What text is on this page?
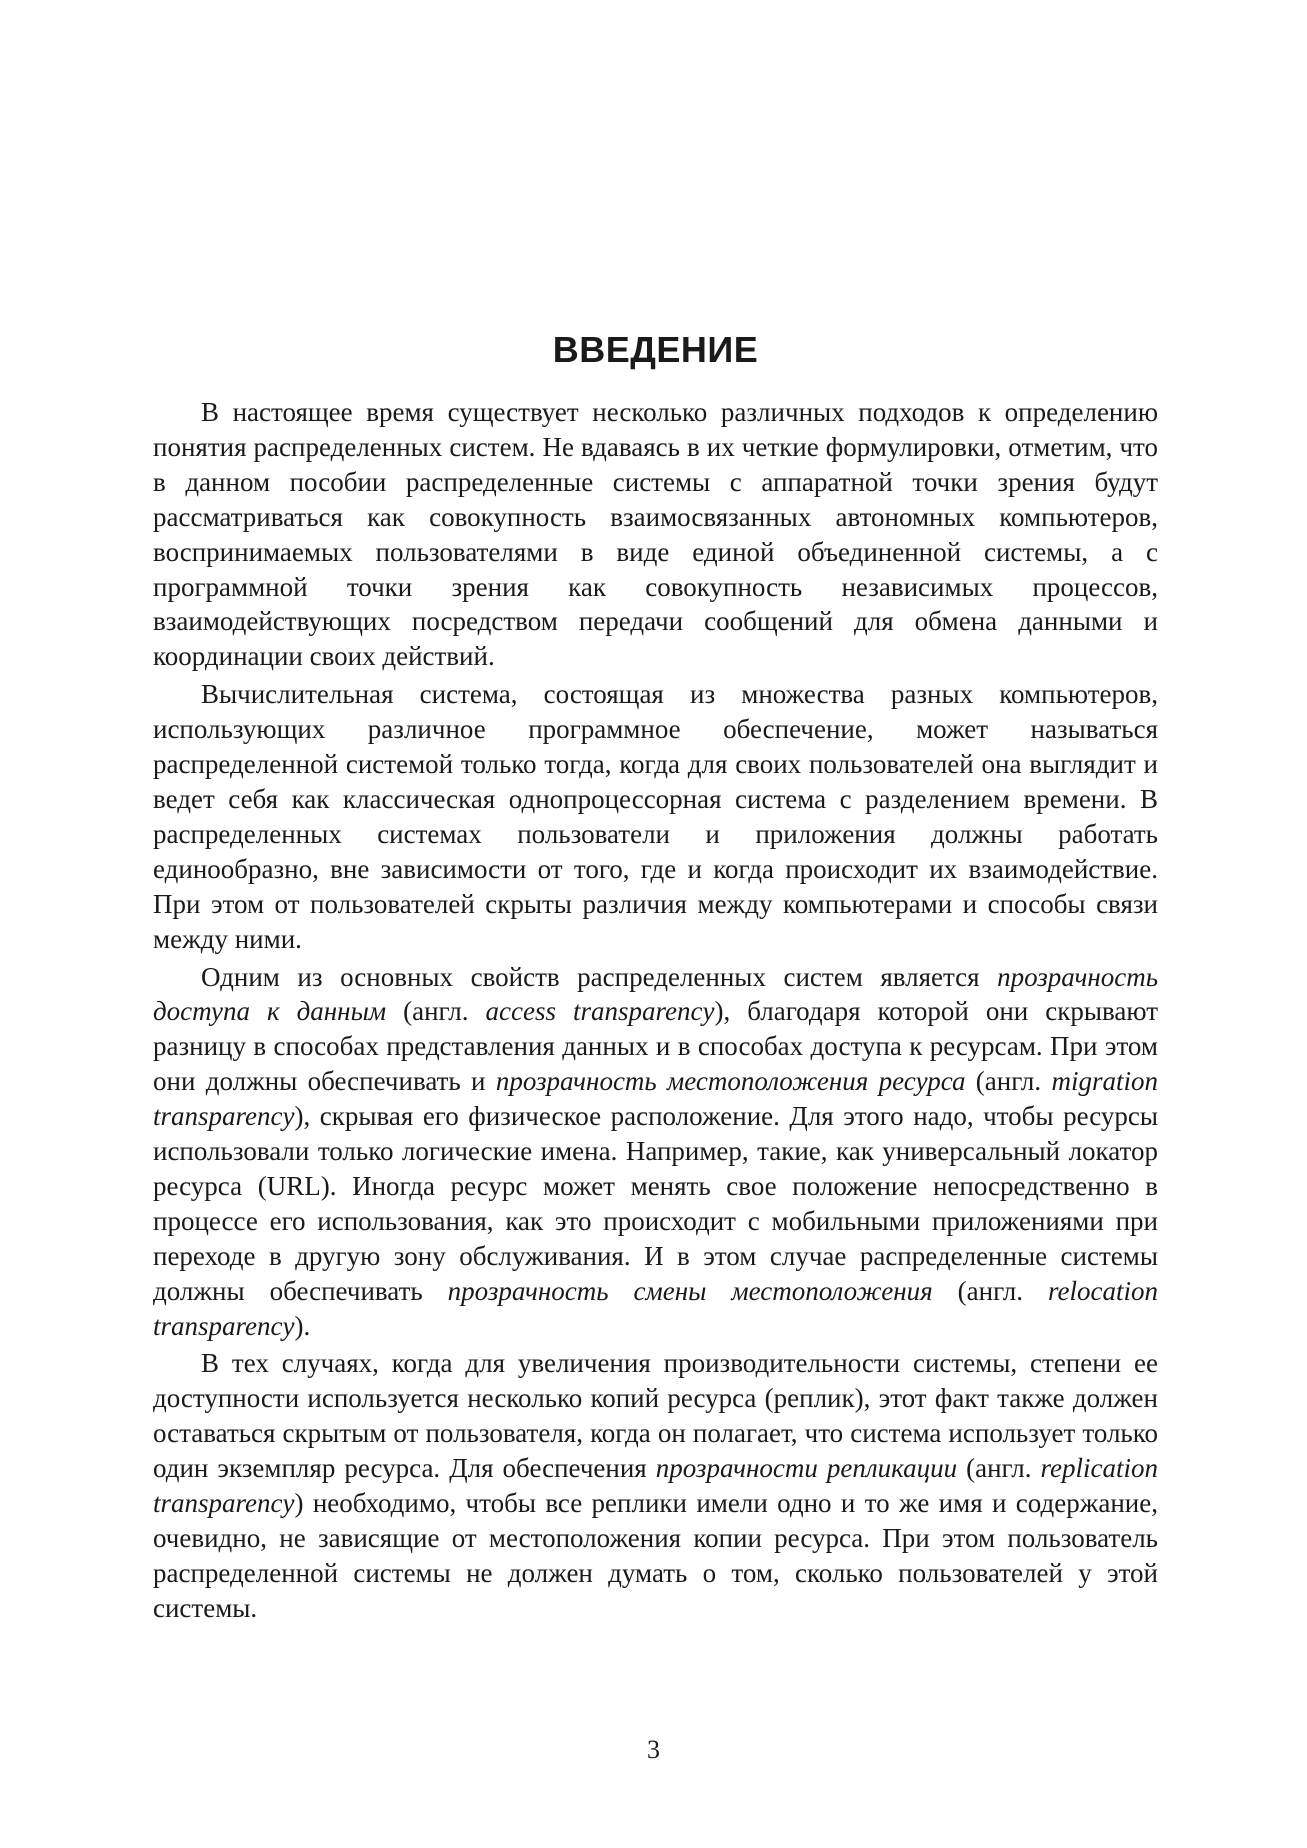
ВВЕДЕНИЕ

В настоящее время существует несколько различных подходов к определению понятия распределенных систем. Не вдаваясь в их четкие формулировки, отметим, что в данном пособии распределенные системы с аппаратной точки зрения будут рассматриваться как совокупность взаимосвязанных автономных компьютеров, воспринимаемых пользователями в виде единой объединенной системы, а с программной точки зрения как совокупность независимых процессов, взаимодействующих посредством передачи сообщений для обмена данными и координации своих действий.

Вычислительная система, состоящая из множества разных компьютеров, использующих различное программное обеспечение, может называться распределенной системой только тогда, когда для своих пользователей она выглядит и ведет себя как классическая однопроцессорная система с разделением времени. В распределенных системах пользователи и приложения должны работать единообразно, вне зависимости от того, где и когда происходит их взаимодействие. При этом от пользователей скрыты различия между компьютерами и способы связи между ними.

Одним из основных свойств распределенных систем является прозрачность доступа к данным (англ. access transparency), благодаря которой они скрывают разницу в способах представления данных и в способах доступа к ресурсам. При этом они должны обеспечивать и прозрачность местоположения ресурса (англ. migration transparency), скрывая его физическое расположение. Для этого надо, чтобы ресурсы использовали только логические имена. Например, такие, как универсальный локатор ресурса (URL). Иногда ресурс может менять свое положение непосредственно в процессе его использования, как это происходит с мобильными приложениями при переходе в другую зону обслуживания. И в этом случае распределенные системы должны обеспечивать прозрачность смены местоположения (англ. relocation transparency).

В тех случаях, когда для увеличения производительности системы, степени ее доступности используется несколько копий ресурса (реплик), этот факт также должен оставаться скрытым от пользователя, когда он полагает, что система использует только один экземпляр ресурса. Для обеспечения прозрачности репликации (англ. replication transparency) необходимо, чтобы все реплики имели одно и то же имя и содержание, очевидно, не зависящие от местоположения копии ресурса. При этом пользователь распределенной системы не должен думать о том, сколько пользователей у этой системы.

3
